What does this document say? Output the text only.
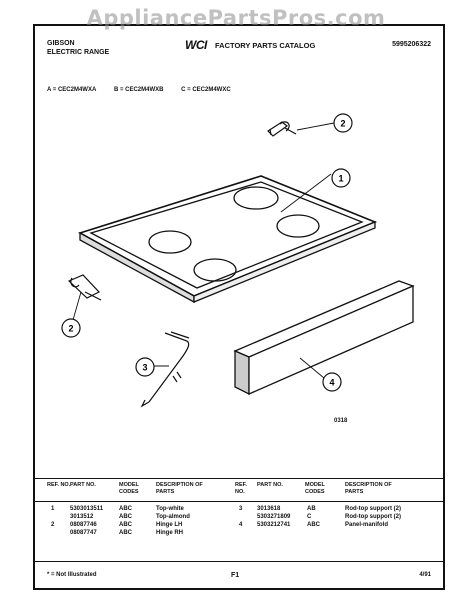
AppliancePartsPros.com
GIBSON
ELECTRIC RANGE
WCI FACTORY PARTS CATALOG	5995206322
A = CEC2M4WXA	B = CEC2M4WXB	C = CEC2M4WXC
1
2
2
3
4
0318
REF. NO. PART NO.	MODEL CODES
DESCRIPTION OF PARTS
REF. NO.
PART NO.	MODEL CODES
DESCRIPTION OF PARTS
1	5303013511	ABC	Top-white
3013512	ABC	Top-almond
2	08087746	ABC	Hinge LH
08087747	ABC	Hinge RH
3 3013618	AB	Rod-top support (2)
5303271809	C	Rod-top support (2)
4 5303212741	ABC	Panel-manifold
* = Not Illustrated	F1	4/91
